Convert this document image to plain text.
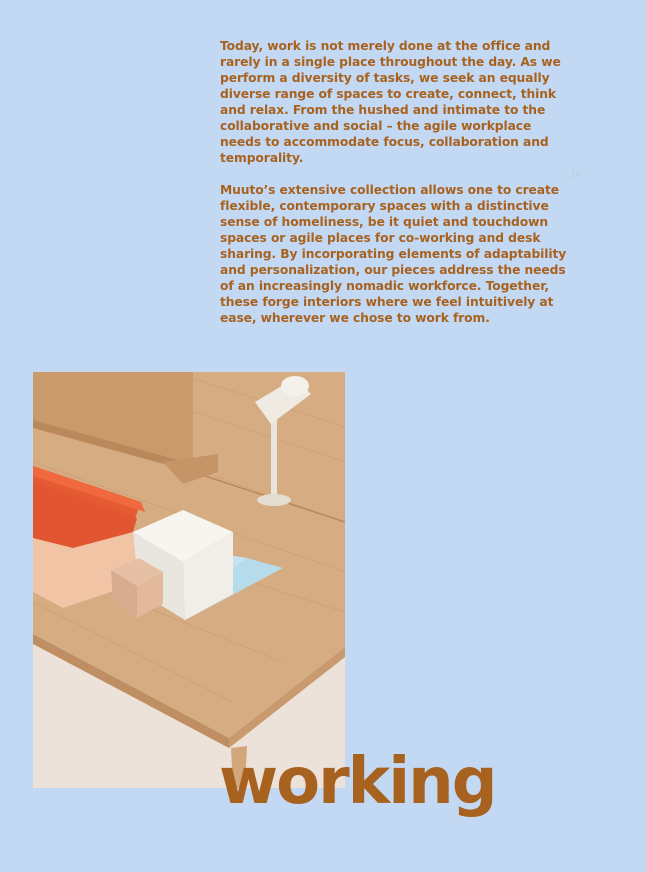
Today, work is not merely done at the office and rarely in a single place throughout the day. As we perform a diversity of tasks, we seek an equally diverse range of spaces to create, connect, think and relax. From the hushed and intimate to the collaborative and social – the agile workplace needs to accommodate focus, collaboration and temporality.

Muuto’s extensive collection allows one to create flexible, contemporary spaces with a distinctive sense of homeliness, be it quiet and touchdown spaces or agile places for co-working and desk sharing. By incorporating elements of adaptability and personalization, our pieces address the needs of an increasingly nomadic workforce. Together, these forge interiors where we feel intuitively at ease, wherever we chose to work from.

14
working
